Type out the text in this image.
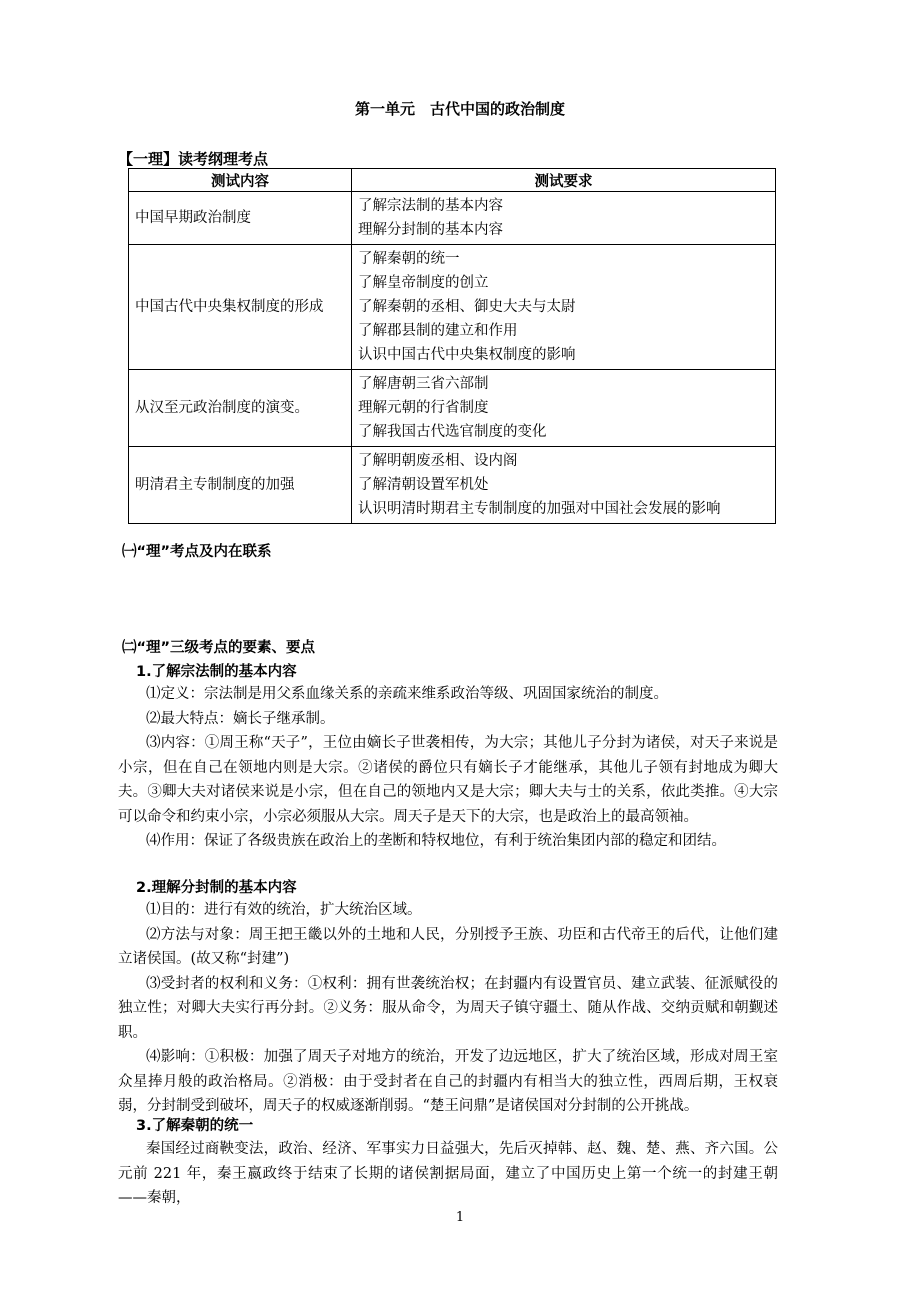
第一单元　古代中国的政治制度
【一理】读考纲理考点
测试内容	测试要求
中国早期政治制度	了解宗法制的基本内容
理解分封制的基本内容

中国古代中央集权制度的形成	了解秦朝的统一
了解皇帝制度的创立
了解秦朝的丞相、御史大夫与太尉
了解郡县制的建立和作用
认识中国古代中央集权制度的影响

从汉至元政治制度的演变。	了解唐朝三省六部制
理解元朝的行省制度
了解我国古代选官制度的变化

明清君主专制制度的加强	了解明朝废丞相、设内阁
了解清朝设置军机处
认识明清时期君主专制制度的加强对中国社会发展的影响
㈠“理”考点及内在联系
㈡“理”三级考点的要素、要点
1.了解宗法制的基本内容

⑴定义：宗法制是用父系血缘关系的亲疏来维系政治等级、巩固国家统治的制度。

⑵最大特点：嫡长子继承制。

⑶内容：①周王称“天子”，王位由嫡长子世袭相传，为大宗；其他儿子分封为诸侯，对天子来说是小宗，但在自己在领地内则是大宗。②诸侯的爵位只有嫡长子才能继承，其他儿子领有封地成为卿大夫。③卿大夫对诸侯来说是小宗，但在自己的领地内又是大宗；卿大夫与士的关系，依此类推。④大宗可以命令和约束小宗，小宗必须服从大宗。周天子是天下的大宗，也是政治上的最高领袖。

⑷作用：保证了各级贵族在政治上的垄断和特权地位，有利于统治集团内部的稳定和团结。

2.理解分封制的基本内容

⑴目的：进行有效的统治，扩大统治区域。

⑵方法与对象：周王把王畿以外的土地和人民，分别授予王族、功臣和古代帝王的后代，让他们建立诸侯国。(故又称“封建”)

⑶受封者的权利和义务：①权利：拥有世袭统治权；在封疆内有设置官员、建立武装、征派赋役的独立性；对卿大夫实行再分封。②义务：服从命令，为周天子镇守疆土、随从作战、交纳贡赋和朝觐述职。

⑷影响：①积极：加强了周天子对地方的统治，开发了边远地区，扩大了统治区域，形成对周王室众星捧月般的政治格局。②消极：由于受封者在自己的封疆内有相当大的独立性，西周后期，王权衰弱，分封制受到破坏，周天子的权威逐渐削弱。“楚王问鼎”是诸侯国对分封制的公开挑战。

3.了解秦朝的统一

秦国经过商鞅变法，政治、经济、军事实力日益强大，先后灭掉韩、赵、魏、楚、燕、齐六国。公元前 221 年，秦王嬴政终于结束了长期的诸侯割据局面，建立了中国历史上第一个统一的封建王朝——秦朝，

1
